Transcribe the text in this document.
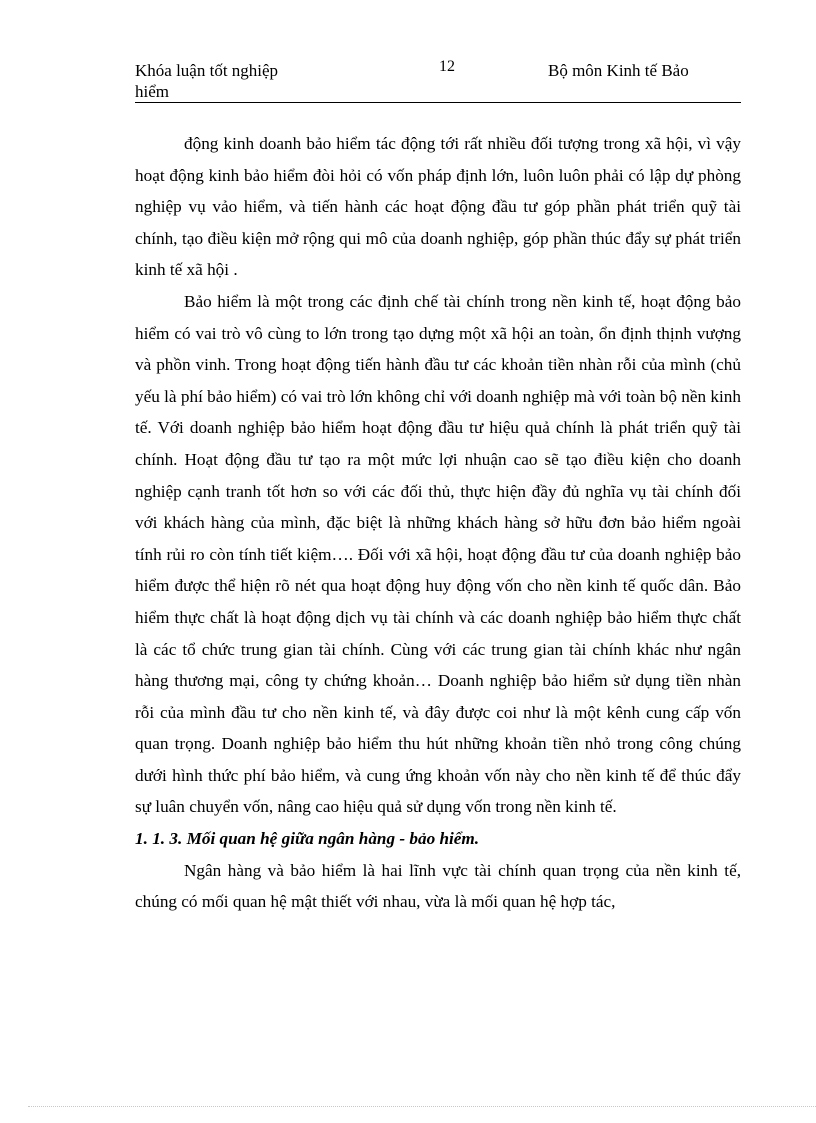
Khóa luận tốt nghiệp
hiểm
12	Bộ môn Kinh tế Bảo

động kinh doanh bảo hiểm tác động tới rất nhiều đối tượng trong xã hội, vì vậy hoạt động kinh bảo hiểm đòi hỏi có vốn pháp định lớn, luôn luôn phải có lập dự phòng nghiệp vụ vảo hiểm, và tiến hành các hoạt động đầu tư góp phần phát triển quỹ tài chính, tạo điều kiện mở rộng qui mô của doanh nghiệp, góp phần thúc đẩy sự phát triển kinh tế xã hội .

Bảo hiểm là một trong các định chế tài chính trong nền kinh tế, hoạt động bảo hiểm có vai trò vô cùng to lớn trong tạo dựng một xã hội an toàn, ổn định thịnh vượng và phồn vinh. Trong hoạt động tiến hành đầu tư các khoản tiền nhàn rỗi của mình (chủ yếu là phí bảo hiểm) có vai trò lớn không chỉ với doanh nghiệp mà với toàn bộ nền kinh tế. Với doanh nghiệp bảo hiểm hoạt động đầu tư hiệu quả chính là phát triển quỹ tài chính. Hoạt động đầu tư tạo ra một mức lợi nhuận cao sẽ tạo điều kiện cho doanh nghiệp cạnh tranh tốt hơn so với các đối thủ, thực hiện đầy đủ nghĩa vụ tài chính đối với khách hàng của mình, đặc biệt là những khách hàng sở hữu đơn bảo hiểm ngoài tính rủi ro còn tính tiết kiệm…. Đối với xã hội, hoạt động đầu tư của doanh nghiệp bảo hiểm được thể hiện rõ nét qua hoạt động huy động vốn cho nền kinh tế quốc dân. Bảo hiểm thực chất là hoạt động dịch vụ tài chính và các doanh nghiệp bảo hiểm thực chất là các tổ chức trung gian tài chính. Cùng với các trung gian tài chính khác như ngân hàng thương mại, công ty chứng khoản… Doanh nghiệp bảo hiểm sử dụng tiền nhàn rỗi của mình đầu tư cho nền kinh tế, và đây được coi như là một kênh cung cấp vốn quan trọng. Doanh nghiệp bảo hiểm thu hút những khoản tiền nhỏ trong công chúng dưới hình thức phí bảo hiểm, và cung ứng khoản vốn này cho nền kinh tế để thúc đẩy sự luân chuyển vốn, nâng cao hiệu quả sử dụng vốn trong nền kinh tế.

1. 1. 3. Mối quan hệ giữa ngân hàng - bảo hiểm.

Ngân hàng và bảo hiểm là hai lĩnh vực tài chính quan trọng của nền kinh tế, chúng có mối quan hệ mật thiết với nhau, vừa là mối quan hệ hợp tác,
